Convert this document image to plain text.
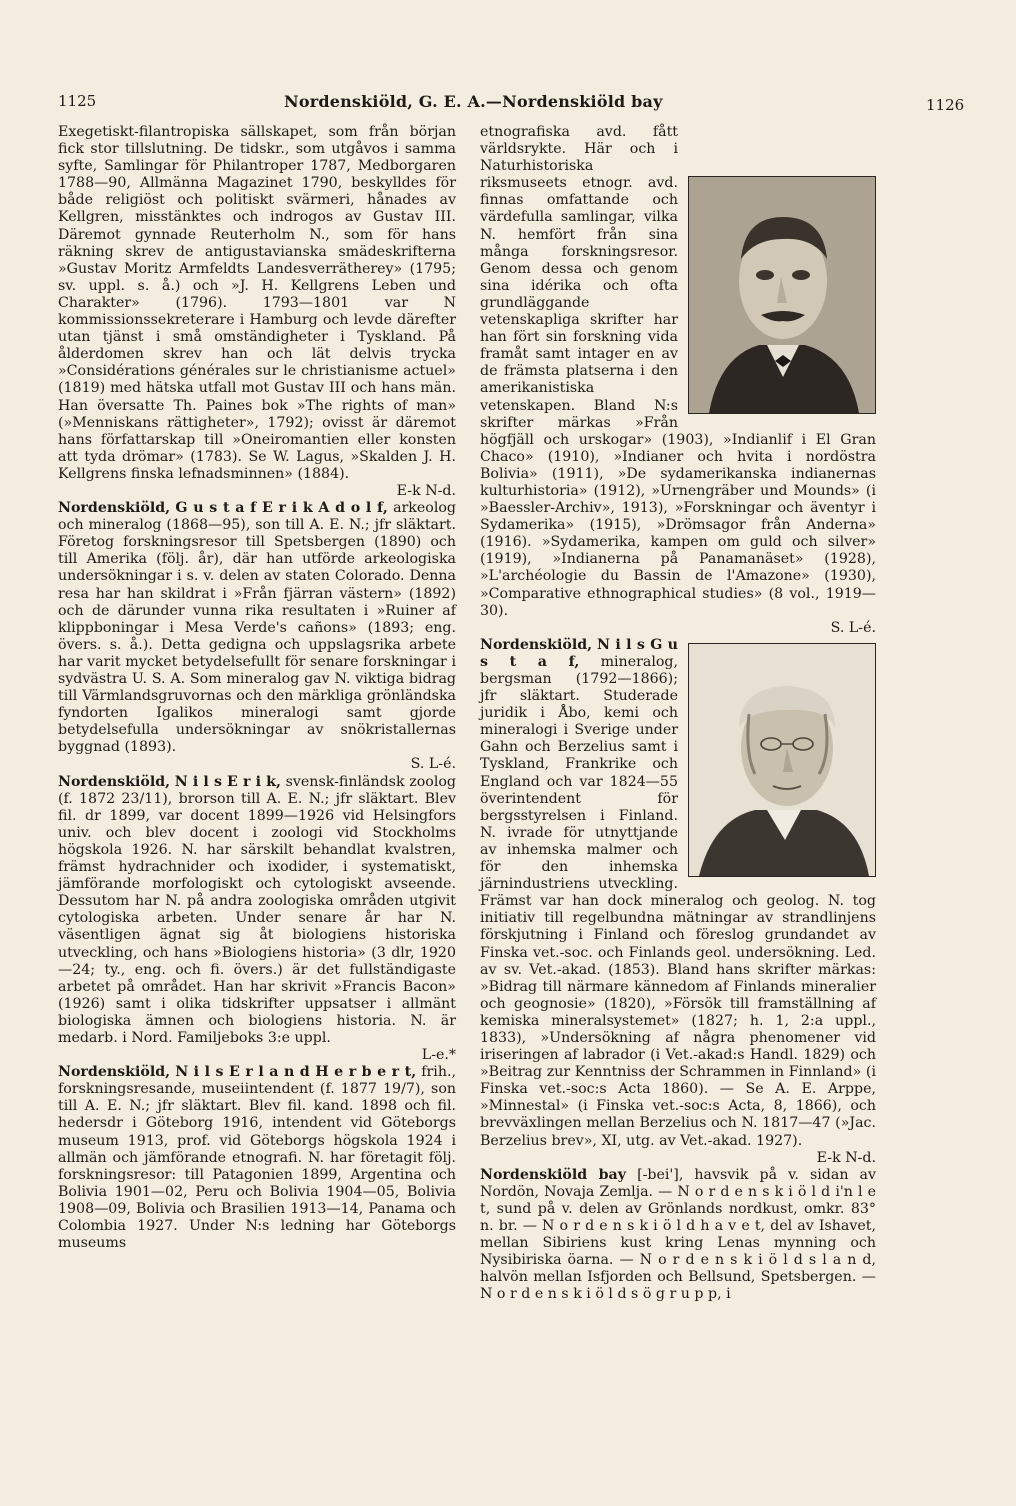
1125	Nordenskiöld, G. E. A.—Nordenskiöld bay	1126

Exegetiskt-filantropiska sällskapet, som från början fick stor tillslutning. De tidskr., som utgåvos i samma syfte, Samlingar för Philantroper 1787, Medborgaren 1788—90, Allmänna Magazinet 1790, beskylldes för både religiöst och politiskt svärmeri, hånades av Kellgren, misstänktes och indrogos av Gustav III. Däremot gynnade Reuterholm N., som för hans räkning skrev de antigustavianska smädeskrifterna »Gustav Moritz Armfeldts Landesverrätherey» (1795; sv. uppl. s. å.) och »J. H. Kellgrens Leben und Charakter» (1796). 1793—1801 var N kommissionssekreterare i Hamburg och levde därefter utan tjänst i små omständigheter i Tyskland. På ålderdomen skrev han och lät delvis trycka »Considérations générales sur le christianisme actuel» (1819) med hätska utfall mot Gustav III och hans män. Han översatte Th. Paines bok »The rights of man» (»Menniskans rättigheter», 1792); ovisst är däremot hans författarskap till »Oneiromantien eller konsten att tyda drömar» (1783). Se W. Lagus, »Skalden J. H. Kellgrens finska lefnadsminnen» (1884).
E-k N-d.

Nordenskiöld, G u s t a f E r i k A d o l f, arkeolog och mineralog (1868—95), son till A. E. N.; jfr släktart. Företog forskningsresor till Spetsbergen (1890) och till Amerika (följ. år), där han utförde arkeologiska undersökningar i s. v. delen av staten Colorado. Denna resa har han skildrat i »Från fjärran västern» (1892) och de därunder vunna rika resultaten i »Ruiner af klippboningar i Mesa Verde's cañons» (1893; eng. övers. s. å.). Detta gedigna och uppslagsrika arbete har varit mycket betydelsefullt för senare forskningar i sydvästra U. S. A. Som mineralog gav N. viktiga bidrag till Värmlandsgruvornas och den märkliga grönländska fyndorten Igalikos mineralogi samt gjorde betydelsefulla undersökningar av snökristallernas byggnad (1893).
S. L-é.

Nordenskiöld, N i l s E r i k, svensk-finländsk zoolog (f. 1872 23/11), brorson till A. E. N.; jfr släktart. Blev fil. dr 1899, var docent 1899—1926 vid Helsingfors univ. och blev docent i zoologi vid Stockholms högskola 1926. N. har särskilt behandlat kvalstren, främst hydrachnider och ixodider, i systematiskt, jämförande morfologiskt och cytologiskt avseende. Dessutom har N. på andra zoologiska områden utgivit cytologiska arbeten. Under senare år har N. väsentligen ägnat sig åt biologiens historiska utveckling, och hans »Biologiens historia» (3 dlr, 1920—24; ty., eng. och fi. övers.) är det fullständigaste arbetet på området. Han har skrivit »Francis Bacon» (1926) samt i olika tidskrifter uppsatser i allmänt biologiska ämnen och biologiens historia. N. är medarb. i Nord. Familjeboks 3:e uppl.
L-e.*

Nordenskiöld, N i l s E r l a n d H e r b e r t, frih., forskningsresande, museiintendent (f. 1877 19/7), son till A. E. N.; jfr släktart. Blev fil. kand. 1898 och fil. hedersdr i Göteborg 1916, intendent vid Göteborgs museum 1913, prof. vid Göteborgs högskola 1924 i allmän och jämförande etnografi. N. har företagit följ. forskningsresor: till Patagonien 1899, Argentina och Bolivia 1901—02, Peru och Bolivia 1904—05, Bolivia 1908—09, Bolivia och Brasilien 1913—14, Panama och Colombia 1927. Under N:s ledning har Göteborgs museums

etnografiska avd. fått världsrykte. Här och i Naturhistoriska riksmuseets etnogr. avd. finnas omfattande och värdefulla samlingar, vilka N. hemfört från sina många forskningsresor. Genom dessa och genom sina idérika och ofta grundläggande vetenskapliga skrifter har han fört sin forskning vida framåt samt intager en av de främsta platserna i den amerikanistiska vetenskapen. Bland N:s skrifter märkas »Från högfjäll och urskogar» (1903), »Indianlif i El Gran Chaco» (1910), »Indianer och hvita i nordöstra Bolivia» (1911), »De sydamerikanska indianernas kulturhistoria» (1912), »Urnengräber und Mounds» (i »Baessler-Archiv», 1913), »Forskningar och äventyr i Sydamerika» (1915), »Drömsagor från Anderna» (1916). »Sydamerika, kampen om guld och silver» (1919), »Indianerna på Panamanäset» (1928), »L'archéologie du Bassin de l'Amazone» (1930), »Comparative ethnographical studies» (8 vol., 1919—30).
S. L-é.

Nordenskiöld, N i l s G u s t a f, mineralog, bergsman (1792—1866); jfr släktart. Studerade juridik i Åbo, kemi och mineralogi i Sverige under Gahn och Berzelius samt i Tyskland, Frankrike och England och var 1824—55 överintendent för bergsstyrelsen i Finland. N. ivrade för utnyttjande av inhemska malmer och för den inhemska järnindustriens utveckling. Främst var han dock mineralog och geolog. N. tog initiativ till regelbundna mätningar av strandlinjens förskjutning i Finland och föreslog grundandet av Finska vet.-soc. och Finlands geol. undersökning. Led. av sv. Vet.-akad. (1853). Bland hans skrifter märkas: »Bidrag till närmare kännedom af Finlands mineralier och geognosie» (1820), »Försök till framställning af kemiska mineralsystemet» (1827; h. 1, 2:a uppl., 1833), »Undersökning af några phenomener vid iriseringen af labrador (i Vet.-akad:s Handl. 1829) och »Beitrag zur Kenntniss der Schrammen in Finnland» (i Finska vet.-soc:s Acta 1860). — Se A. E. Arppe, »Minnestal» (i Finska vet.-soc:s Acta, 8, 1866), och brevväxlingen mellan Berzelius och N. 1817—47 (»Jac. Berzelius brev», XI, utg. av Vet.-akad. 1927).
E-k N-d.

Nordenskiöld bay [-bei'], havsvik på v. sidan av Nordön, Novaja Zemlja. — N o r d e n s k i ö l d i'n l e t, sund på v. delen av Grönlands nordkust, omkr. 83° n. br. — N o r d e n s k i ö l d h a v e t, del av Ishavet, mellan Sibiriens kust kring Lenas mynning och Nysibiriska öarna. — N o r d e n s k i ö l d s l a n d, halvön mellan Isfjorden och Bellsund, Spetsbergen. — N o r d e n s k i ö l d s ö g r u p p, i
